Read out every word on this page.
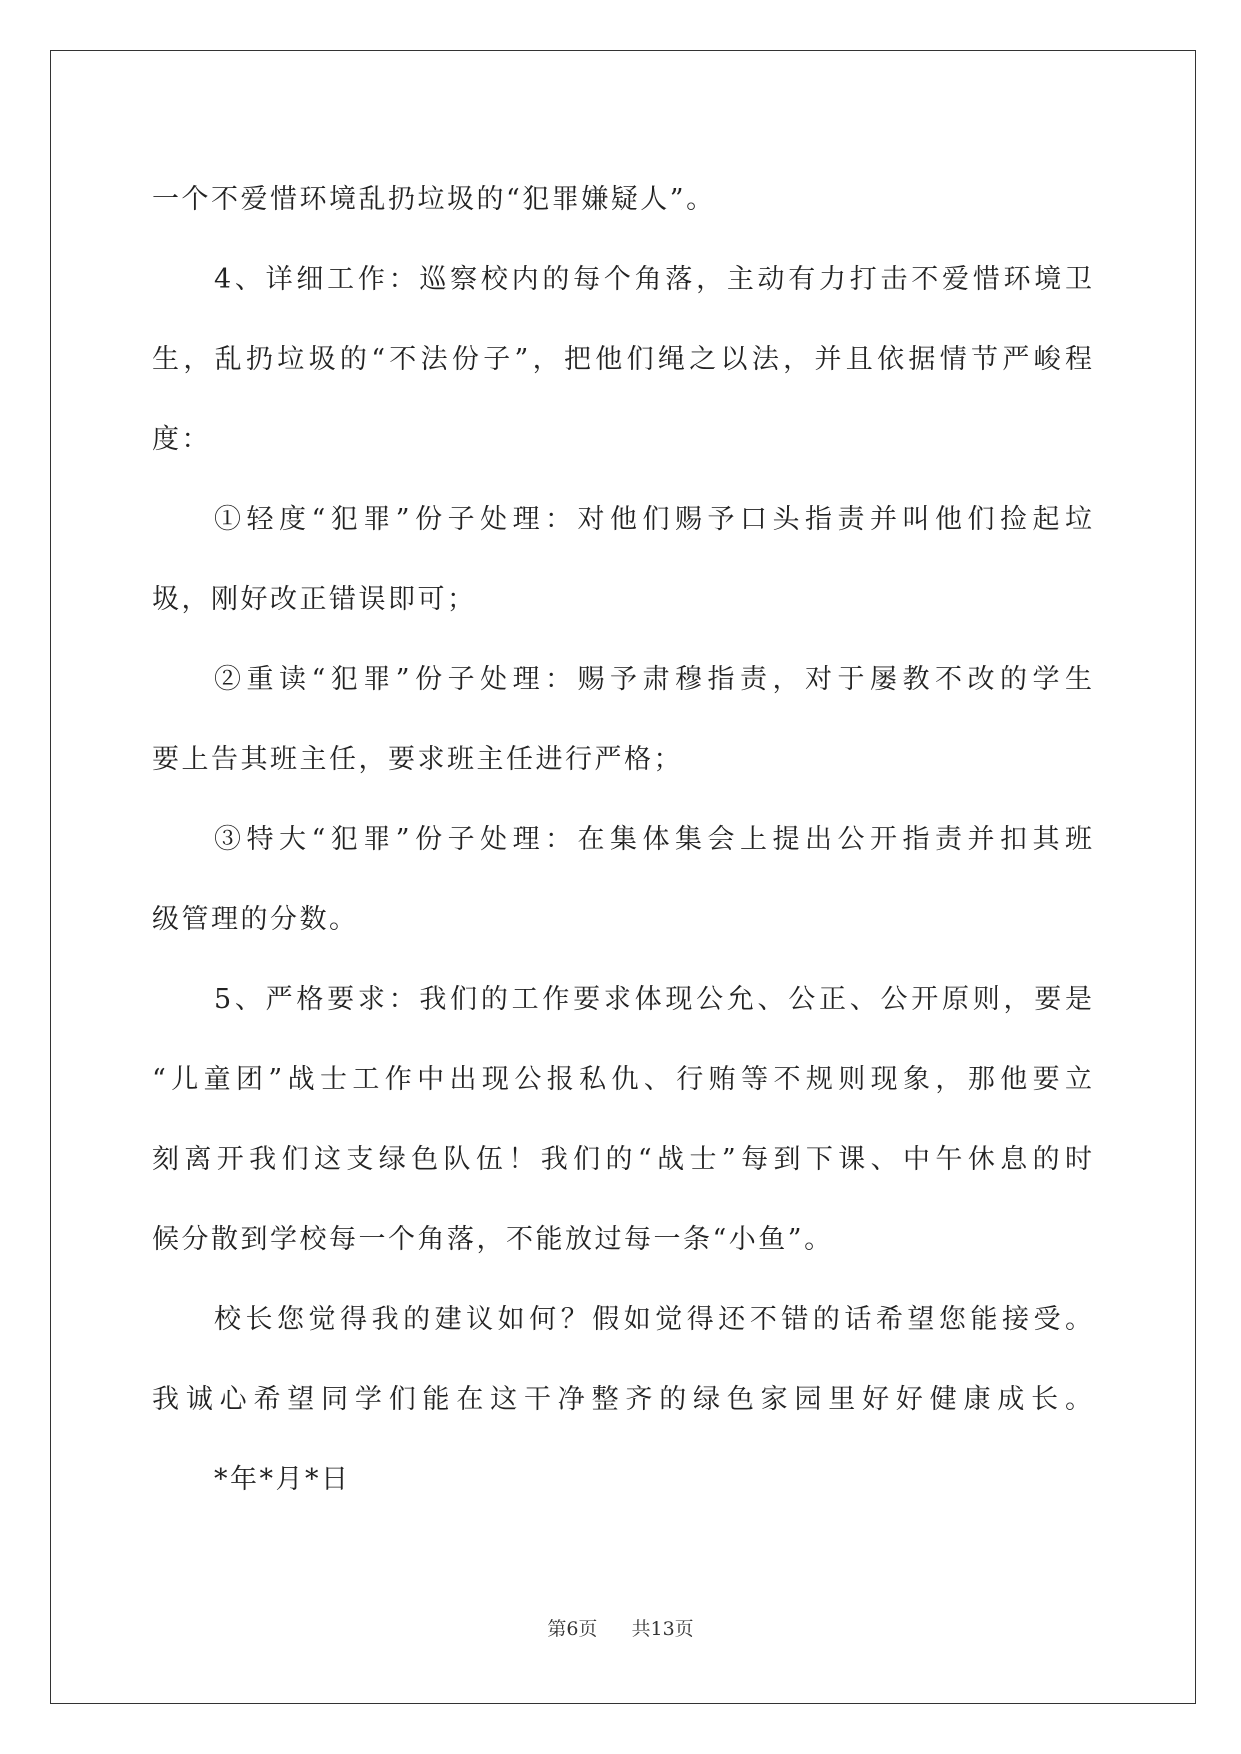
一个不爱惜环境乱扔垃圾的“犯罪嫌疑人”。
4、详细工作：巡察校内的每个角落，主动有力打击不爱惜环境卫
生，乱扔垃圾的“不法份子”，把他们绳之以法，并且依据情节严峻程
度：
①轻度“犯罪”份子处理：对他们赐予口头指责并叫他们捡起垃
圾，刚好改正错误即可；
②重读“犯罪”份子处理：赐予肃穆指责，对于屡教不改的学生
要上告其班主任，要求班主任进行严格；
③特大“犯罪”份子处理：在集体集会上提出公开指责并扣其班
级管理的分数。
5、严格要求：我们的工作要求体现公允、公正、公开原则，要是
“儿童团”战士工作中出现公报私仇、行贿等不规则现象，那他要立
刻离开我们这支绿色队伍！我们的“战士”每到下课、中午休息的时
候分散到学校每一个角落，不能放过每一条“小鱼”。
校长您觉得我的建议如何？假如觉得还不错的话希望您能接受。
我诚心希望同学们能在这干净整齐的绿色家园里好好健康成长。
*年*月*日
第6页 共13页
